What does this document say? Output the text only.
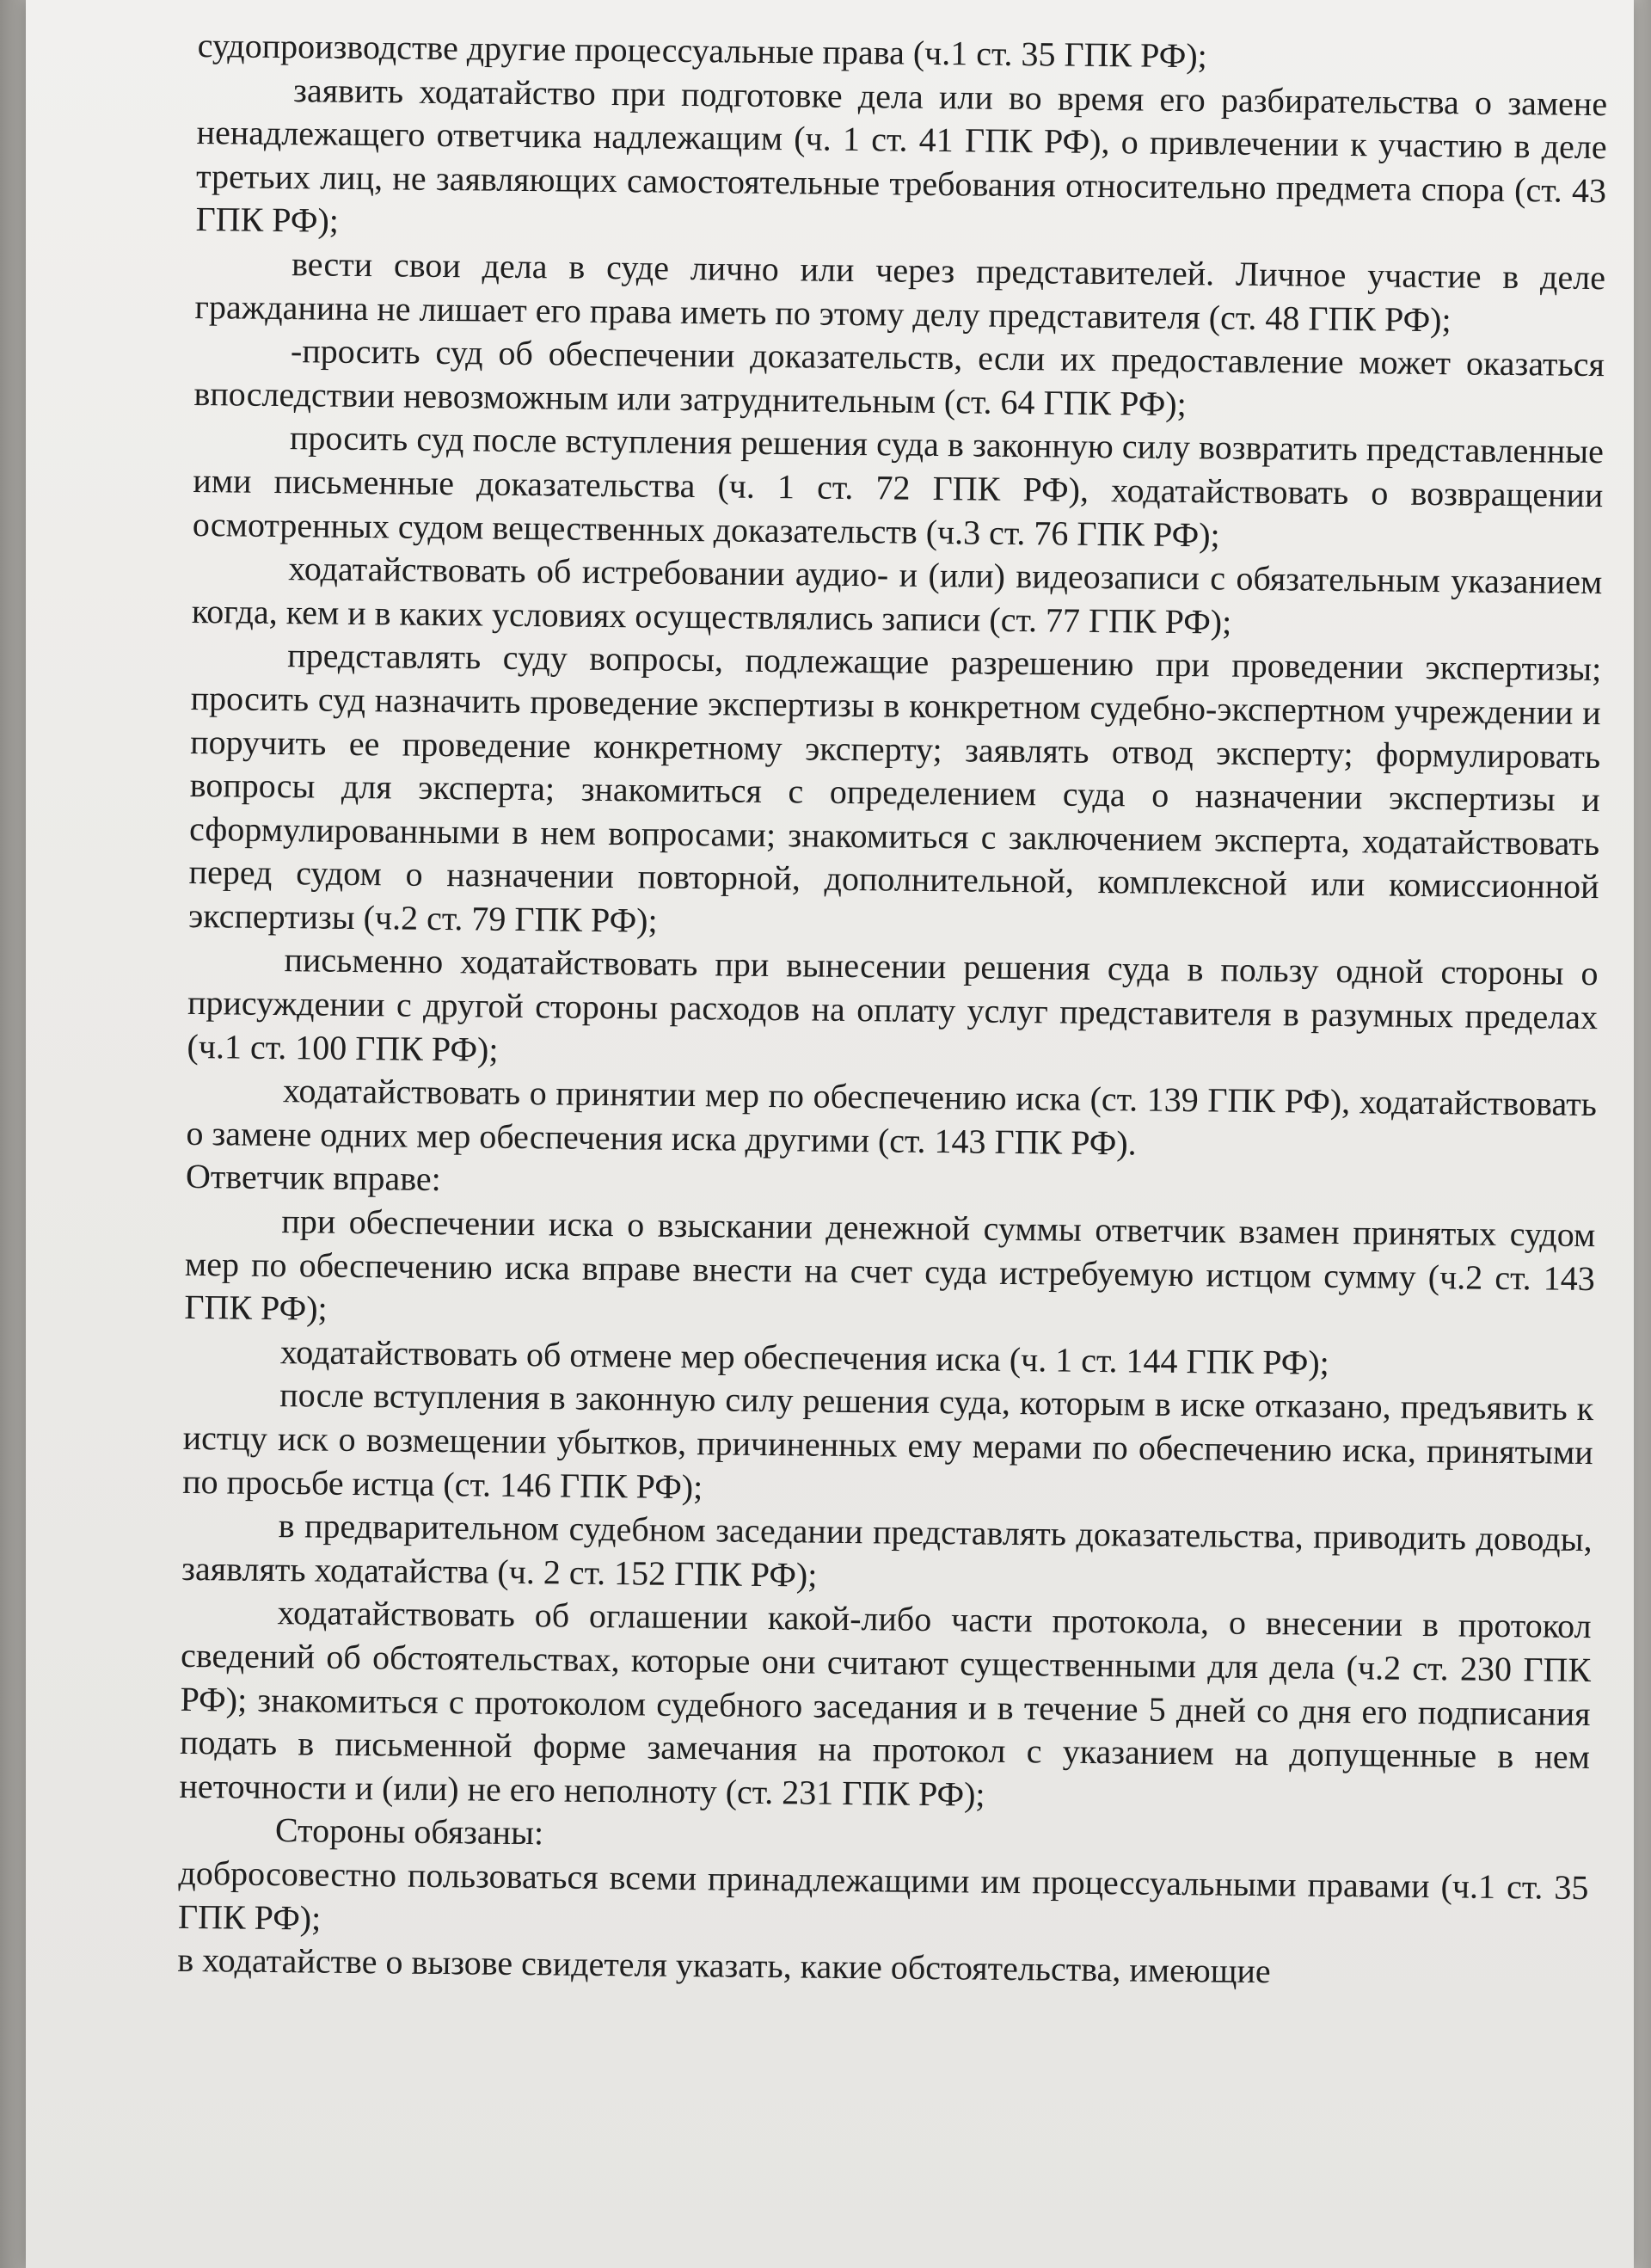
судопроизводстве другие процессуальные права (ч.1 ст. 35 ГПК РФ);

заявить ходатайство при подготовке дела или во время его разбирательства о замене ненадлежащего ответчика надлежащим (ч. 1 ст. 41 ГПК РФ), о привлечении к участию в деле третьих лиц, не заявляющих самостоятельные требования относительно предмета спора (ст. 43 ГПК РФ);

вести свои дела в суде лично или через представителей. Личное участие в деле гражданина не лишает его права иметь по этому делу представителя (ст. 48 ГПК РФ);

-просить суд об обеспечении доказательств, если их предоставление может оказаться впоследствии невозможным или затруднительным (ст. 64 ГПК РФ);

просить суд после вступления решения суда в законную силу возвратить представленные ими письменные доказательства (ч. 1 ст. 72 ГПК РФ), ходатайствовать о возвращении осмотренных судом вещественных доказательств (ч.3 ст. 76 ГПК РФ);

ходатайствовать об истребовании аудио- и (или) видеозаписи с обязательным указанием когда, кем и в каких условиях осуществлялись записи (ст. 77 ГПК РФ);

представлять суду вопросы, подлежащие разрешению при проведении экспертизы; просить суд назначить проведение экспертизы в конкретном судебно-экспертном учреждении и поручить ее проведение конкретному эксперту; заявлять отвод эксперту; формулировать вопросы для эксперта; знакомиться с определением суда о назначении экспертизы и сформулированными в нем вопросами; знакомиться с заключением эксперта, ходатайствовать перед судом о назначении повторной, дополнительной, комплексной или комиссионной экспертизы (ч.2 ст. 79 ГПК РФ);

письменно ходатайствовать при вынесении решения суда в пользу одной стороны о присуждении с другой стороны расходов на оплату услуг представителя в разумных пределах (ч.1 ст. 100 ГПК РФ);

ходатайствовать о принятии мер по обеспечению иска (ст. 139 ГПК РФ), ходатайствовать о замене одних мер обеспечения иска другими (ст. 143 ГПК РФ).

Ответчик вправе:

при обеспечении иска о взыскании денежной суммы ответчик взамен принятых судом мер по обеспечению иска вправе внести на счет суда истребуемую истцом сумму (ч.2 ст. 143 ГПК РФ);

ходатайствовать об отмене мер обеспечения иска (ч. 1 ст. 144 ГПК РФ);

после вступления в законную силу решения суда, которым в иске отказано, предъявить к истцу иск о возмещении убытков, причиненных ему мерами по обеспечению иска, принятыми по просьбе истца (ст. 146 ГПК РФ);

в предварительном судебном заседании представлять доказательства, приводить доводы, заявлять ходатайства (ч. 2 ст. 152 ГПК РФ);

ходатайствовать об оглашении какой-либо части протокола, о внесении в протокол сведений об обстоятельствах, которые они считают существенными для дела (ч.2 ст. 230 ГПК РФ); знакомиться с протоколом судебного заседания и в течение 5 дней со дня его подписания подать в письменной форме замечания на протокол с указанием на допущенные в нем неточности и (или) не его неполноту (ст. 231 ГПК РФ);

Стороны обязаны:

добросовестно пользоваться всеми принадлежащими им процессуальными правами (ч.1 ст. 35 ГПК РФ);

в ходатайстве о вызове свидетеля указать, какие обстоятельства, имеющие
